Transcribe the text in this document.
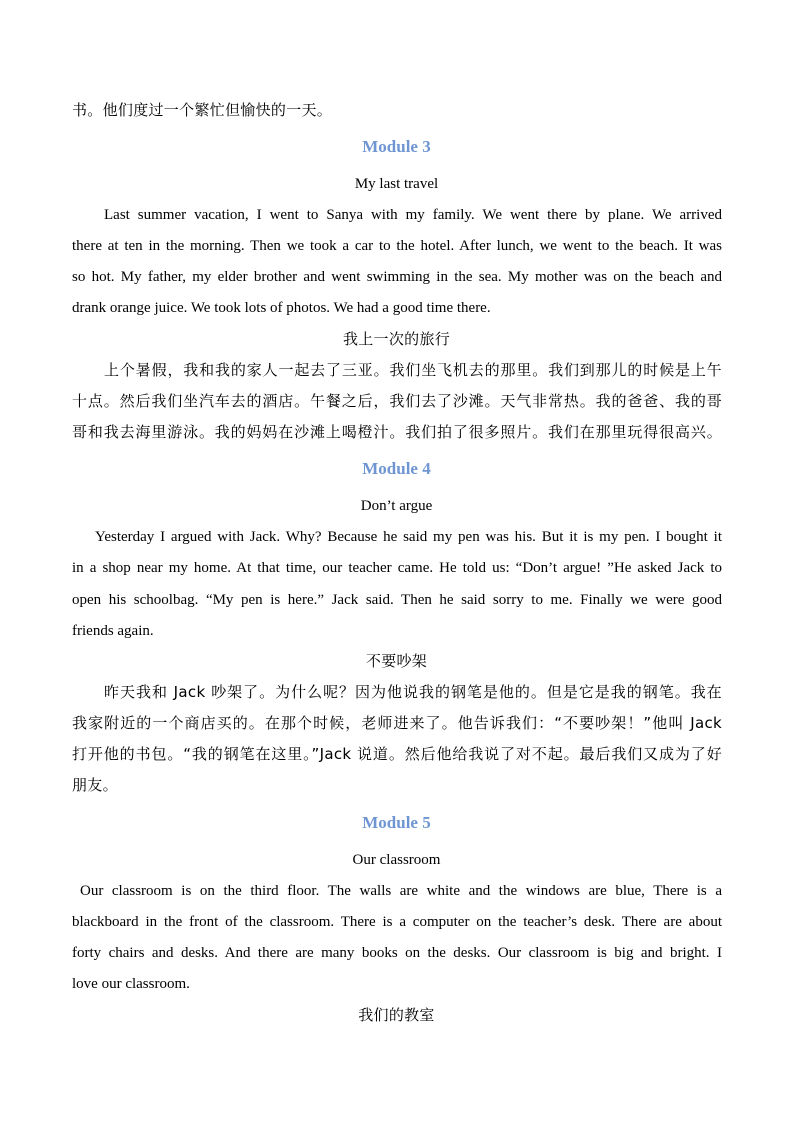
书。他们度过一个繁忙但愉快的一天。
Module 3
My last travel
Last summer vacation, I went to Sanya with my family. We went there by plane. We arrived
there at ten in the morning. Then we took a car to the hotel. After lunch, we went to the beach. It was
so hot. My father, my elder brother and went swimming in the sea. My mother was on the beach and
drank orange juice. We took lots of photos. We had a good time there.
我上一次的旅行
上个暑假，我和我的家人一起去了三亚。我们坐飞机去的那里。我们到那儿的时候是上午
十点。然后我们坐汽车去的酒店。午餐之后，我们去了沙滩。天气非常热。我的爸爸、我的哥
哥和我去海里游泳。我的妈妈在沙滩上喝橙汁。我们拍了很多照片。我们在那里玩得很高兴。
Module 4
Don’t argue
Yesterday I argued with Jack. Why? Because he said my pen was his. But it is my pen. I bought it
in a shop near my home. At that time, our teacher came. He told us: “Don’t argue! ”He asked Jack to
open his schoolbag. “My pen is here.” Jack said. Then he said sorry to me. Finally we were good
friends again.
不要吵架
昨天我和 Jack 吵架了。为什么呢？因为他说我的钢笔是他的。但是它是我的钢笔。我在
我家附近的一个商店买的。在那个时候，老师进来了。他告诉我们：“不要吵架！”他叫 Jack
打开他的书包。“我的钢笔在这里。”Jack 说道。然后他给我说了对不起。最后我们又成为了好
朋友。
Module 5
Our classroom
Our classroom is on the third floor. The walls are white and the windows are blue, There is a
blackboard in the front of the classroom. There is a computer on the teacher’s desk. There are about
forty chairs and desks. And there are many books on the desks. Our classroom is big and bright. I
love our classroom.
我们的教室
